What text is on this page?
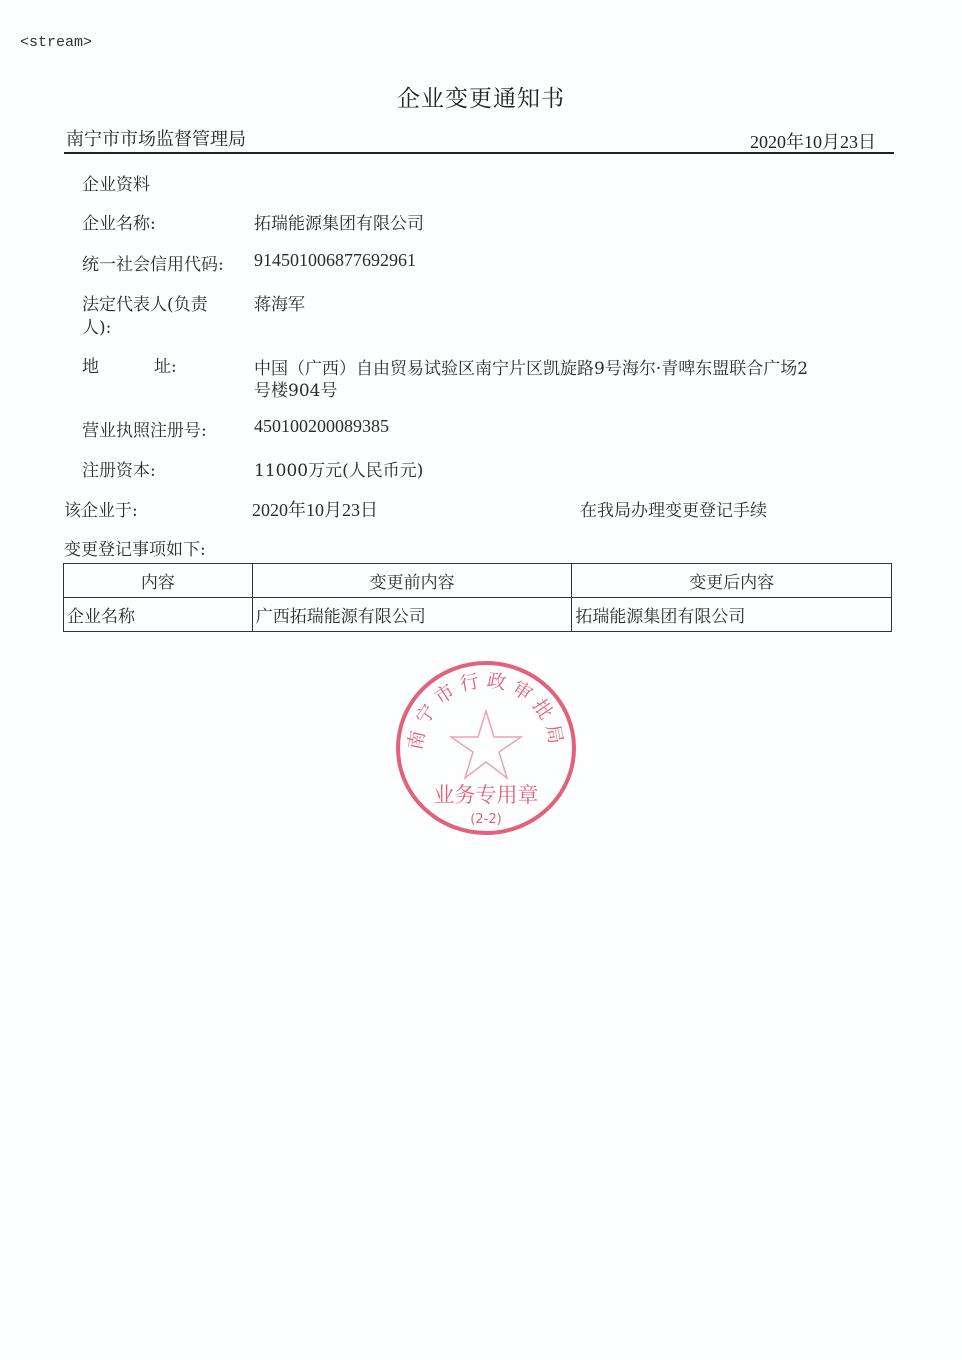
<stream>
企业变更通知书
南宁市市场监督管理局	2020年10月23日
企业资料
企业名称:	拓瑞能源集团有限公司
统一社会信用代码: 914501006877692961
法定代表人(负责
人):
蒋海军
地	址:	中国（广西）自由贸易试验区南宁片区凯旋路9号海尔·青啤东盟联合广场2
号楼904号
营业执照注册号:	450100200089385
注册资本:	11000万元(人民币元)
该企业于:	2020年10月23日	在我局办理变更登记手续
变更登记事项如下:
内容	变更前内容	变更后内容
企业名称	广西拓瑞能源有限公司	拓瑞能源集团有限公司
南宁市行政审批局
业务专用章
(2-2)
